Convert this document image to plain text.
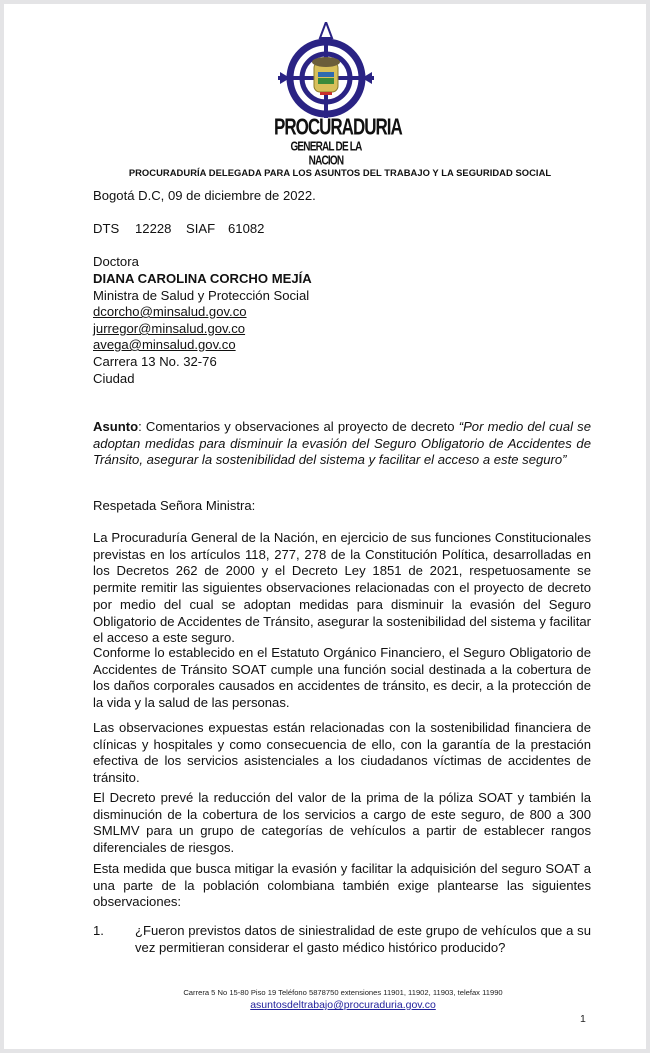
PROCURADURIA
GENERAL DE LA NACION
PROCURADURÍA DELEGADA PARA LOS ASUNTOS DEL TRABAJO Y LA SEGURIDAD SOCIAL
Bogotá D.C, 09 de diciembre de 2022.
DTS 12228 SIAF 61082
Doctora
DIANA CAROLINA CORCHO MEJÍA
Ministra de Salud y Protección Social
dcorcho@minsalud.gov.co
jurregor@minsalud.gov.co
avega@minsalud.gov.co
Carrera 13 No. 32-76
Ciudad
Asunto: Comentarios y observaciones al proyecto de decreto “Por medio del cual se adoptan medidas para disminuir la evasión del Seguro Obligatorio de Accidentes de Tránsito, asegurar la sostenibilidad del sistema y facilitar el acceso a este seguro”
Respetada Señora Ministra:
La Procuraduría General de la Nación, en ejercicio de sus funciones Constitucionales previstas en los artículos 118, 277, 278 de la Constitución Política, desarrolladas en los Decretos 262 de 2000 y el Decreto Ley 1851 de 2021, respetuosamente se permite remitir las siguientes observaciones relacionadas con el proyecto de decreto por medio del cual se adoptan medidas para disminuir la evasión del Seguro Obligatorio de Accidentes de Tránsito, asegurar la sostenibilidad del sistema y facilitar el acceso a este seguro.
Conforme lo establecido en el Estatuto Orgánico Financiero, el Seguro Obligatorio de Accidentes de Tránsito SOAT cumple una función social destinada a la cobertura de los daños corporales causados en accidentes de tránsito, es decir, a la protección de la vida y la salud de las personas.
Las observaciones expuestas están relacionadas con la sostenibilidad financiera de clínicas y hospitales y como consecuencia de ello, con la garantía de la prestación efectiva de los servicios asistenciales a los ciudadanos víctimas de accidentes de tránsito.
El Decreto prevé la reducción del valor de la prima de la póliza SOAT y también la disminución de la cobertura de los servicios a cargo de este seguro, de 800 a 300 SMLMV para un grupo de categorías de vehículos a partir de establecer rangos diferenciales de riesgos.
Esta medida que busca mitigar la evasión y facilitar la adquisición del seguro SOAT a una parte de la población colombiana también exige plantearse las siguientes observaciones:
1. ¿Fueron previstos datos de siniestralidad de este grupo de vehículos que a su vez permitieran considerar el gasto médico histórico producido?
Carrera 5 No 15-80 Piso 19 Teléfono 5878750 extensiones 11901, 11902, 11903, telefax 11990
asuntosdeltrabajo@procuraduria.gov.co
1
